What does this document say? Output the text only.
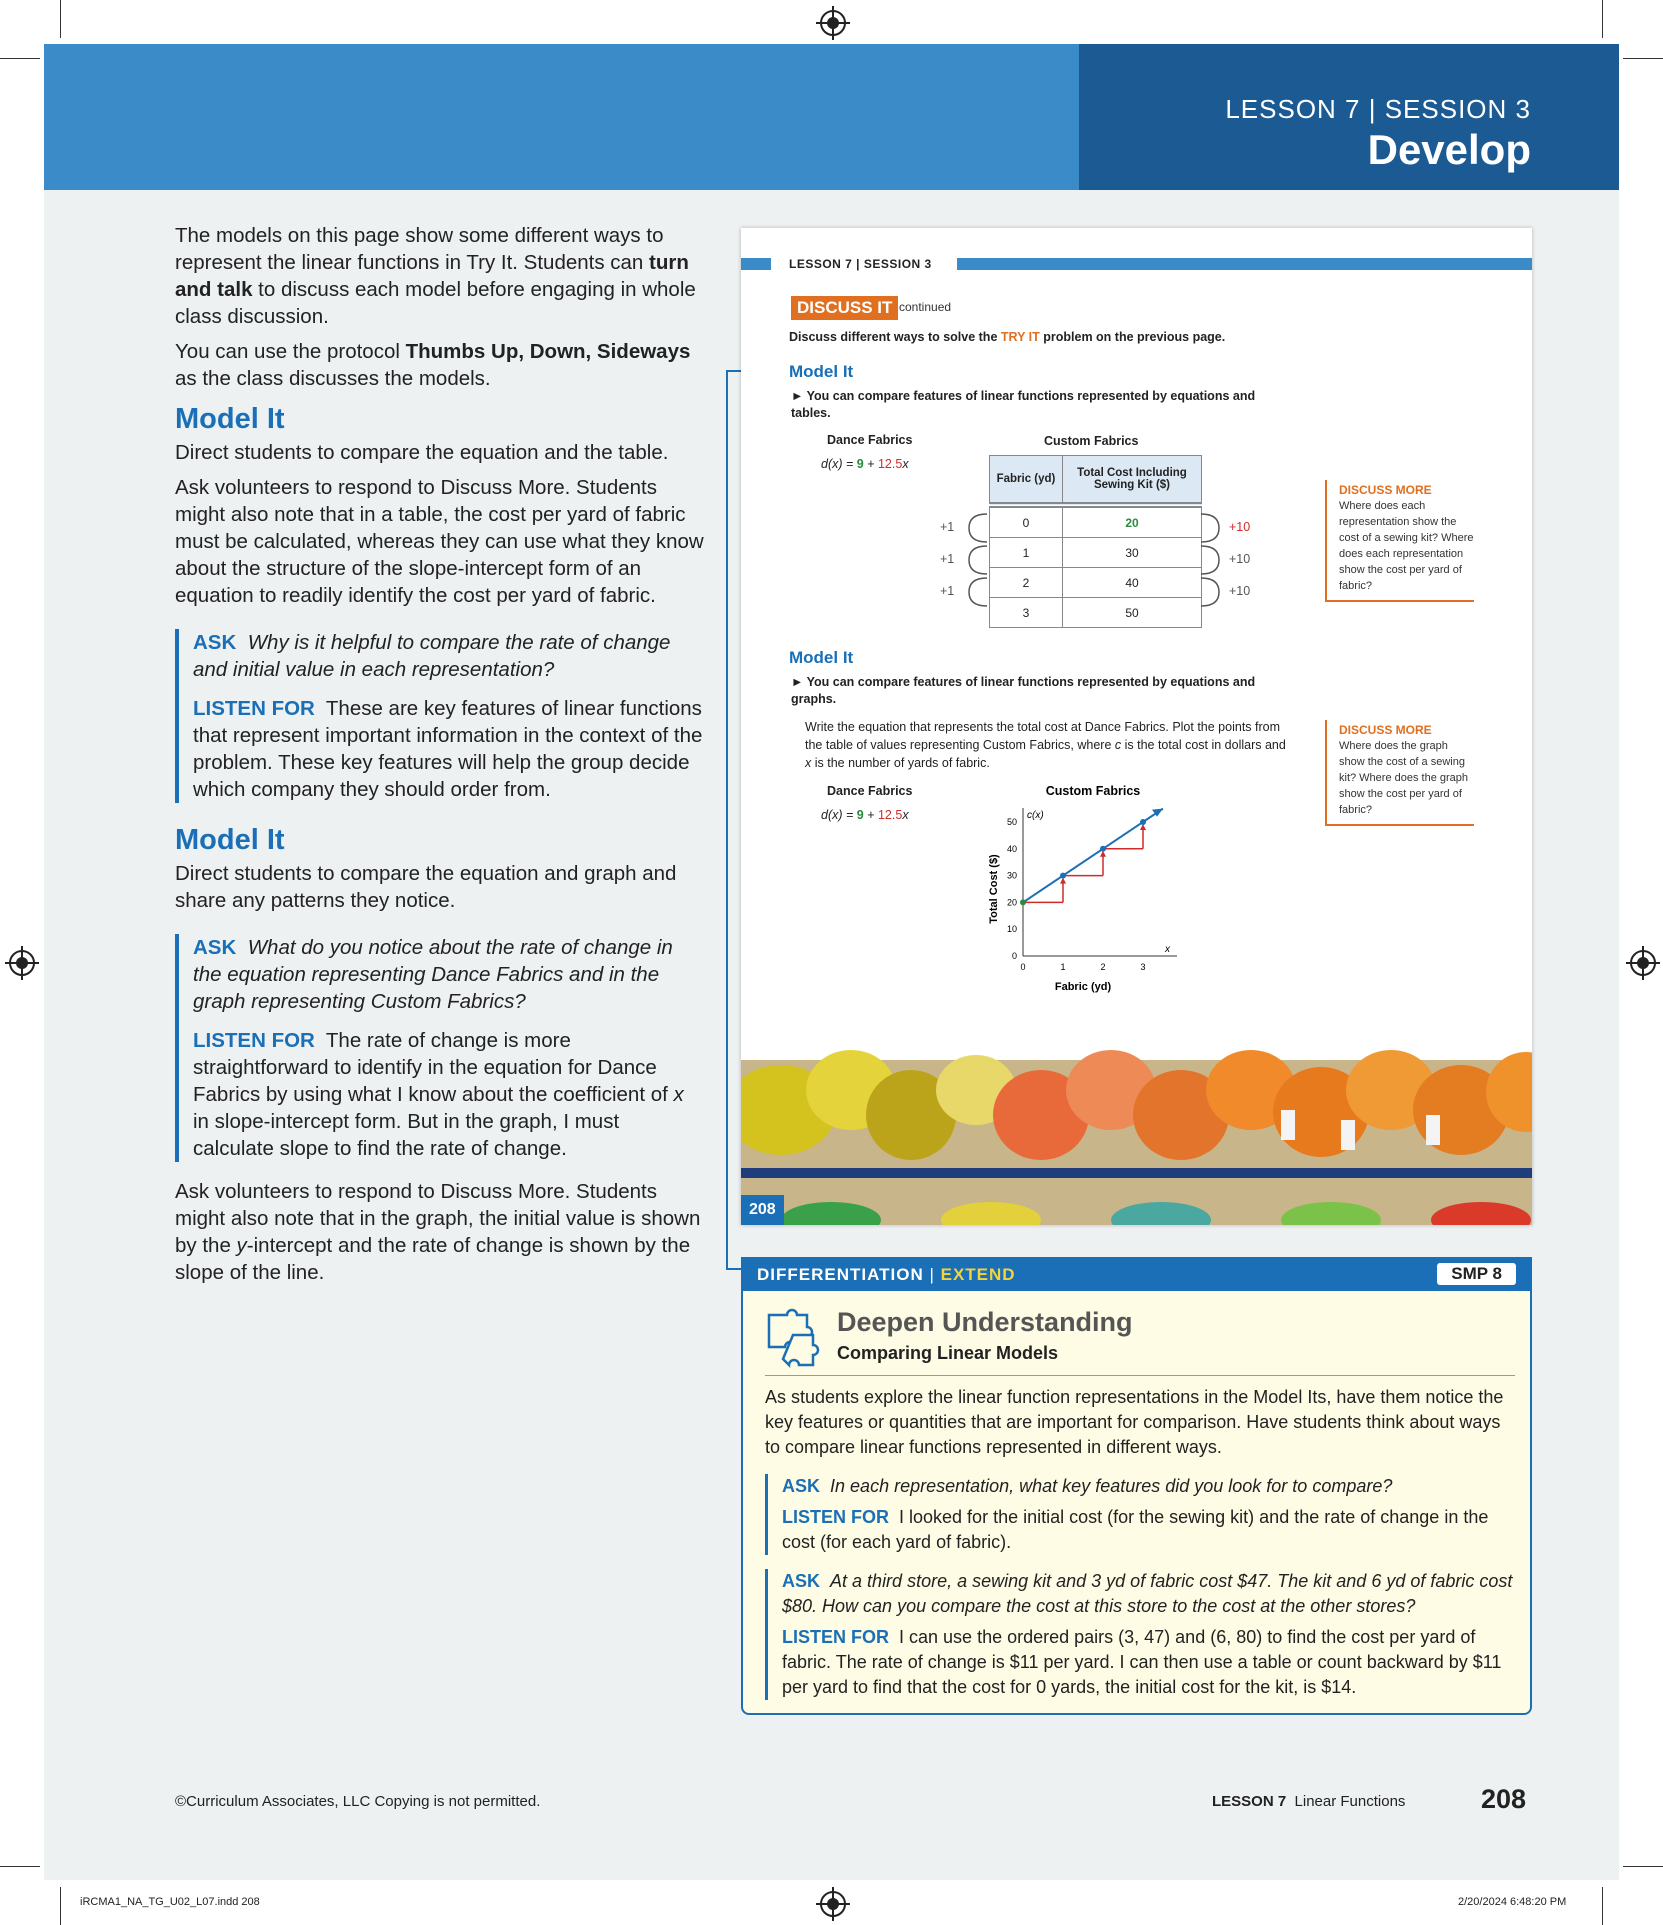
LESSON 7 | SESSION 3
Develop

The models on this page show some different ways to represent the linear functions in Try It. Students can turn and talk to discuss each model before engaging in whole class discussion.

You can use the protocol Thumbs Up, Down, Sideways as the class discusses the models.

Model It

Direct students to compare the equation and the table.

Ask volunteers to respond to Discuss More. Students might also note that in a table, the cost per yard of fabric must be calculated, whereas they can use what they know about the structure of the slope-intercept form of an equation to readily identify the cost per yard of fabric.

ASK Why is it helpful to compare the rate of change and initial value in each representation?

LISTEN FOR These are key features of linear functions that represent important information in the context of the problem. These key features will help the group decide which company they should order from.

Model It

Direct students to compare the equation and graph and share any patterns they notice.

ASK What do you notice about the rate of change in the equation representing Dance Fabrics and in the graph representing Custom Fabrics?

LISTEN FOR The rate of change is more straightforward to identify in the equation for Dance Fabrics by using what I know about the coefficient of x in slope-intercept form. But in the graph, I must calculate slope to find the rate of change.

Ask volunteers to respond to Discuss More. Students might also note that in the graph, the initial value is shown by the y-intercept and the rate of change is shown by the slope of the line.

LESSON 7 | SESSION 3
DISCUSS IT continued
Discuss different ways to solve the TRY IT problem on the previous page.
Model It
► You can compare features of linear functions represented by equations and tables.
Dance Fabrics
d(x) = 9 + 12.5x
Custom Fabrics
Fabric (yd)	Total Cost Including Sewing Kit ($)
0	20
1	30
2	40
3	50
+1
+1
+1
+10
+10
+10
DISCUSS MORE
Where does each representation show the cost of a sewing kit? Where does each representation show the cost per yard of fabric?
Model It
► You can compare features of linear functions represented by equations and graphs.
Write the equation that represents the total cost at Dance Fabrics. Plot the points from the table of values representing Custom Fabrics, where c is the total cost in dollars and x is the number of yards of fabric.
Dance Fabrics
d(x) = 9 + 12.5x
Custom Fabrics
0
10
20
30
40
50
0	1	2	3
Total Cost ($)
Fabric (yd)
c(x)
x
DISCUSS MORE
Where does the graph show the cost of a sewing kit? Where does the graph show the cost per yard of fabric?
208
DIFFERENTIATION | EXTEND	SMP 8
Deepen Understanding
Comparing Linear Models
As students explore the linear function representations in the Model Its, have them notice the key features or quantities that are important for comparison. Have students think about ways to compare linear functions represented in different ways.
ASK In each representation, what key features did you look for to compare?
LISTEN FOR I looked for the initial cost (for the sewing kit) and the rate of change in the cost (for each yard of fabric).
ASK At a third store, a sewing kit and 3 yd of fabric cost $47. The kit and 6 yd of fabric cost $80. How can you compare the cost at this store to the cost at the other stores?
LISTEN FOR I can use the ordered pairs (3, 47) and (6, 80) to find the cost per yard of fabric. The rate of change is $11 per yard. I can then use a table or count backward by $11 per yard to find that the cost for 0 yards, the initial cost for the kit, is $14.
©Curriculum Associates, LLC Copying is not permitted.	LESSON 7 Linear Functions	208
iRCMA1_NA_TG_U02_L07.indd 208	2/20/2024 6:48:20 PM
